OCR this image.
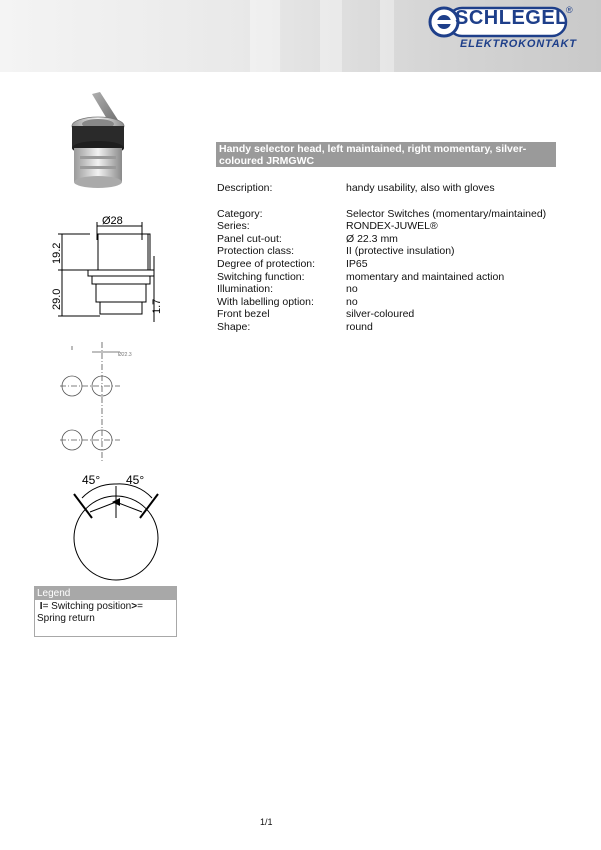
SCHLEGEL
®
ELEKTROKONTAKT
Handy selector head, left maintained, right momentary, silver-coloured JRMGWC
Description:	handy usability, also with gloves
Category:	Selector Switches (momentary/maintained)
Series:	RONDEX-JUWEL®
Panel cut-out:	Ø 22.3 mm
Protection class:	II (protective insulation)
Degree of protection:	IP65
Switching function:	momentary and maintained action
Illumination:	no
With labelling option:	no
Front bezel	silver-coloured
Shape:	round
Ø28
19.2
29.0	1.7
Ø22.3
45° 45°
Legend
I= Switching position>=
Spring return
1/1
